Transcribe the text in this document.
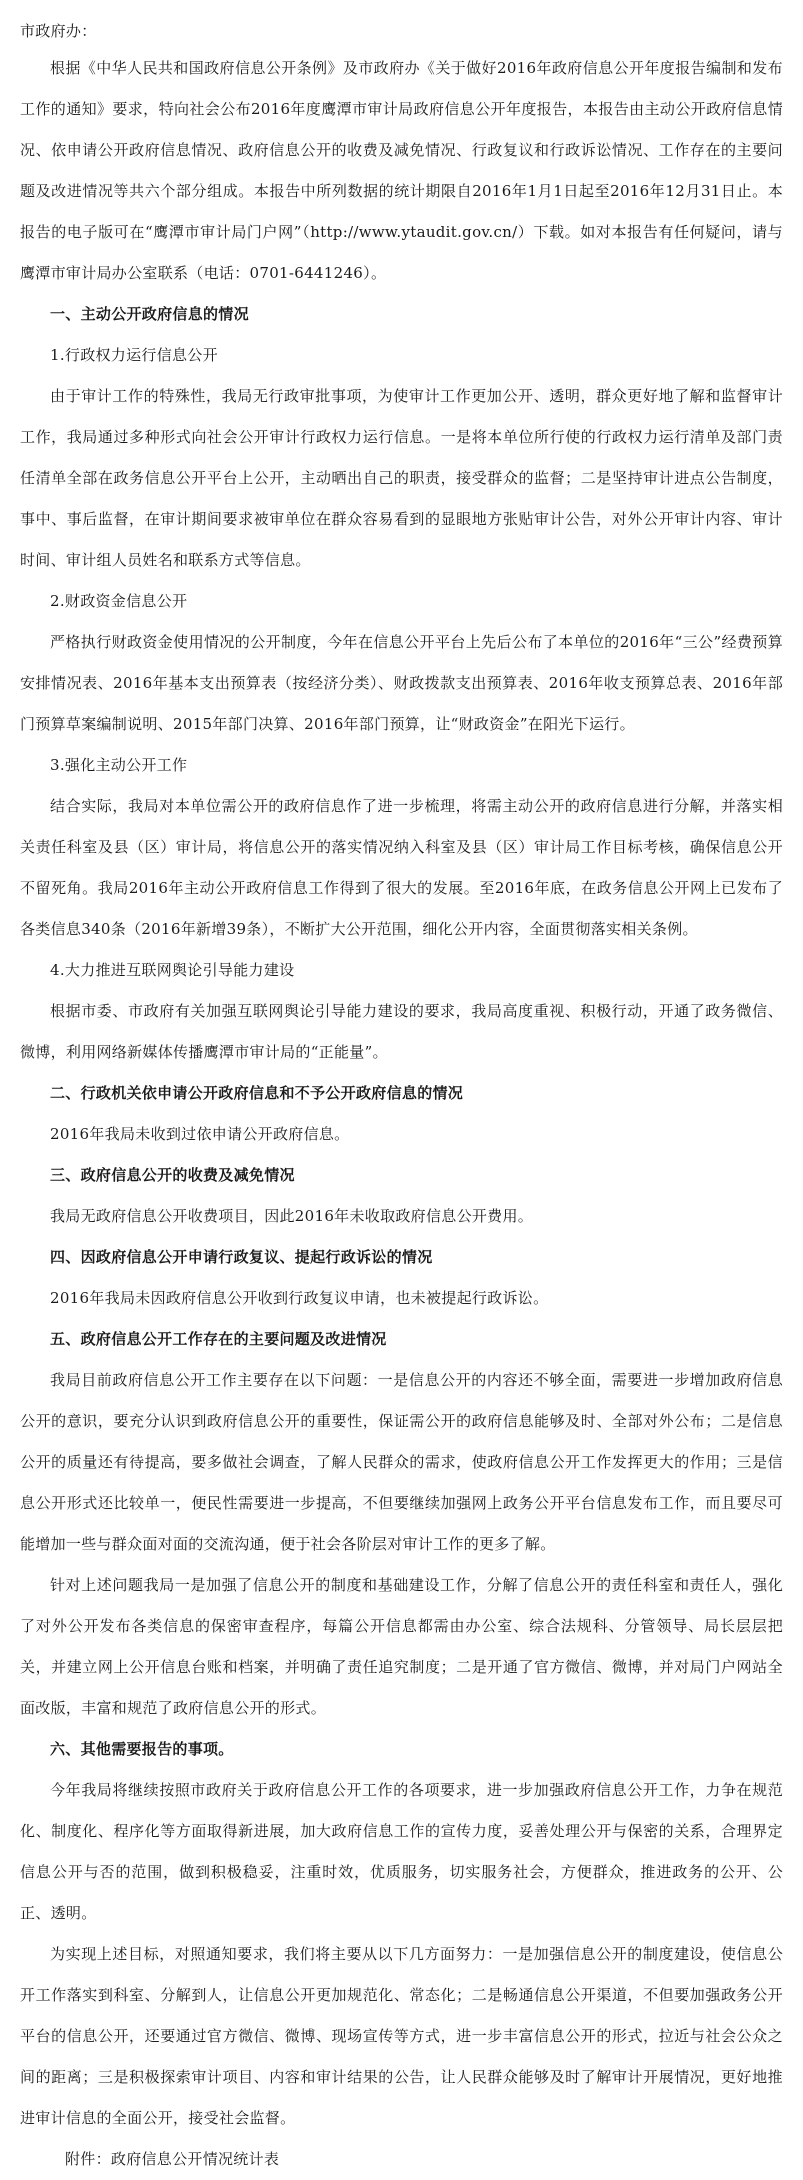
市政府办：

根据《中华人民共和国政府信息公开条例》及市政府办《关于做好2016年政府信息公开年度报告编制和发布工作的通知》要求，特向社会公布2016年度鹰潭市审计局政府信息公开年度报告，本报告由主动公开政府信息情况、依申请公开政府信息情况、政府信息公开的收费及减免情况、行政复议和行政诉讼情况、工作存在的主要问题及改进情况等共六个部分组成。本报告中所列数据的统计期限自2016年1月1日起至2016年12月31日止。本报告的电子版可在“鹰潭市审计局门户网”（http://www.ytaudit.gov.cn/）下载。如对本报告有任何疑问，请与鹰潭市审计局办公室联系（电话：0701-6441246）。

一、主动公开政府信息的情况

1.行政权力运行信息公开

由于审计工作的特殊性，我局无行政审批事项，为使审计工作更加公开、透明，群众更好地了解和监督审计工作，我局通过多种形式向社会公开审计行政权力运行信息。一是将本单位所行使的行政权力运行清单及部门责任清单全部在政务信息公开平台上公开，主动晒出自己的职责，接受群众的监督；二是坚持审计进点公告制度，事中、事后监督，在审计期间要求被审单位在群众容易看到的显眼地方张贴审计公告，对外公开审计内容、审计时间、审计组人员姓名和联系方式等信息。

2.财政资金信息公开

严格执行财政资金使用情况的公开制度，今年在信息公开平台上先后公布了本单位的2016年“三公”经费预算安排情况表、2016年基本支出预算表（按经济分类）、财政拨款支出预算表、2016年收支预算总表、2016年部门预算草案编制说明、2015年部门决算、2016年部门预算，让“财政资金”在阳光下运行。

3.强化主动公开工作

结合实际，我局对本单位需公开的政府信息作了进一步梳理，将需主动公开的政府信息进行分解，并落实相关责任科室及县（区）审计局，将信息公开的落实情况纳入科室及县（区）审计局工作目标考核，确保信息公开不留死角。我局2016年主动公开政府信息工作得到了很大的发展。至2016年底，在政务信息公开网上已发布了各类信息340条（2016年新增39条），不断扩大公开范围，细化公开内容，全面贯彻落实相关条例。

4.大力推进互联网舆论引导能力建设

根据市委、市政府有关加强互联网舆论引导能力建设的要求，我局高度重视、积极行动，开通了政务微信、微博，利用网络新媒体传播鹰潭市审计局的“正能量”。

二、行政机关依申请公开政府信息和不予公开政府信息的情况

2016年我局未收到过依申请公开政府信息。

三、政府信息公开的收费及减免情况

我局无政府信息公开收费项目，因此2016年未收取政府信息公开费用。

四、因政府信息公开申请行政复议、提起行政诉讼的情况

2016年我局未因政府信息公开收到行政复议申请，也未被提起行政诉讼。

五、政府信息公开工作存在的主要问题及改进情况

我局目前政府信息公开工作主要存在以下问题：一是信息公开的内容还不够全面，需要进一步增加政府信息公开的意识，要充分认识到政府信息公开的重要性，保证需公开的政府信息能够及时、全部对外公布；二是信息公开的质量还有待提高，要多做社会调查，了解人民群众的需求，使政府信息公开工作发挥更大的作用；三是信息公开形式还比较单一，便民性需要进一步提高，不但要继续加强网上政务公开平台信息发布工作，而且要尽可能增加一些与群众面对面的交流沟通，便于社会各阶层对审计工作的更多了解。

针对上述问题我局一是加强了信息公开的制度和基础建设工作，分解了信息公开的责任科室和责任人，强化了对外公开发布各类信息的保密审查程序，每篇公开信息都需由办公室、综合法规科、分管领导、局长层层把关，并建立网上公开信息台账和档案，并明确了责任追究制度；二是开通了官方微信、微博，并对局门户网站全面改版，丰富和规范了政府信息公开的形式。

六、其他需要报告的事项。

今年我局将继续按照市政府关于政府信息公开工作的各项要求，进一步加强政府信息公开工作，力争在规范化、制度化、程序化等方面取得新进展，加大政府信息工作的宣传力度，妥善处理公开与保密的关系，合理界定信息公开与否的范围，做到积极稳妥，注重时效，优质服务，切实服务社会，方便群众，推进政务的公开、公正、透明。

为实现上述目标，对照通知要求，我们将主要从以下几方面努力：一是加强信息公开的制度建设，使信息公开工作落实到科室、分解到人，让信息公开更加规范化、常态化；二是畅通信息公开渠道，不但要加强政务公开平台的信息公开，还要通过官方微信、微博、现场宣传等方式，进一步丰富信息公开的形式，拉近与社会公众之间的距离；三是积极探索审计项目、内容和审计结果的公告，让人民群众能够及时了解审计开展情况，更好地推进审计信息的全面公开，接受社会监督。

附件：政府信息公开情况统计表
